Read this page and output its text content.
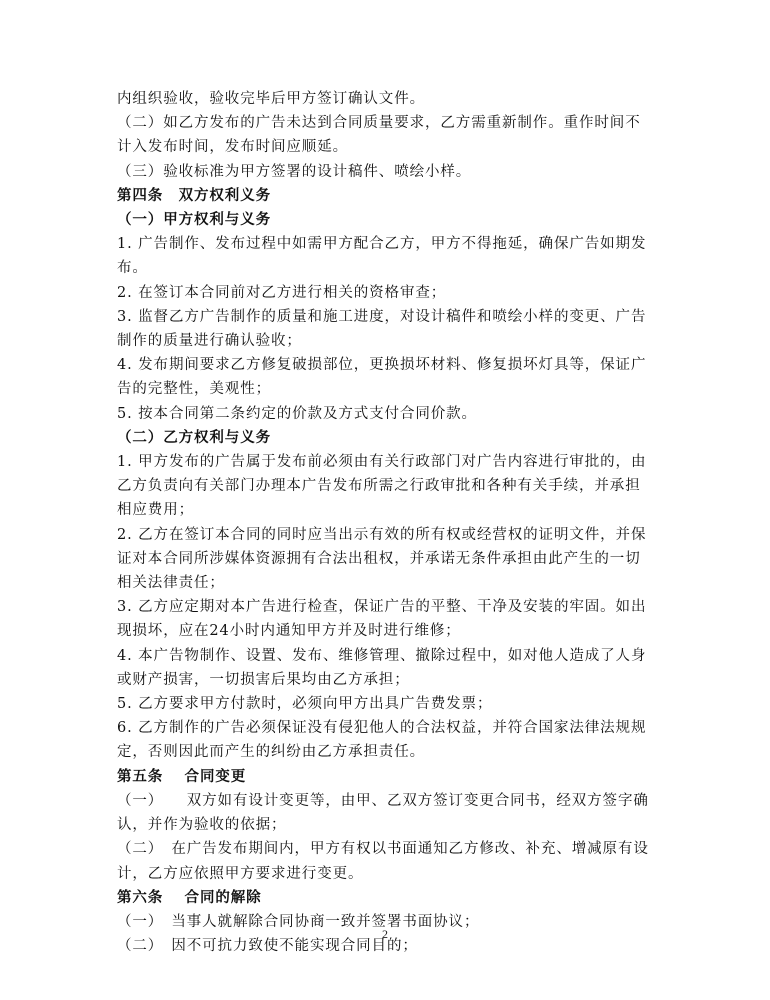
内组织验收，验收完毕后甲方签订确认文件。

（二）如乙方发布的广告未达到合同质量要求，乙方需重新制作。重作时间不

计入发布时间，发布时间应顺延。

（三）验收标准为甲方签署的设计稿件、喷绘小样。

第四条　双方权利义务

（一）甲方权利与义务

1. 广告制作、发布过程中如需甲方配合乙方，甲方不得拖延，确保广告如期发

布。

2. 在签订本合同前对乙方进行相关的资格审查；

3. 监督乙方广告制作的质量和施工进度，对设计稿件和喷绘小样的变更、广告

制作的质量进行确认验收；

4. 发布期间要求乙方修复破损部位，更换损坏材料、修复损坏灯具等，保证广

告的完整性，美观性；

5. 按本合同第二条约定的价款及方式支付合同价款。

（二）乙方权利与义务

1. 甲方发布的广告属于发布前必须由有关行政部门对广告内容进行审批的，由

乙方负责向有关部门办理本广告发布所需之行政审批和各种有关手续，并承担

相应费用；

2. 乙方在签订本合同的同时应当出示有效的所有权或经营权的证明文件，并保

证对本合同所涉媒体资源拥有合法出租权，并承诺无条件承担由此产生的一切

相关法律责任；

3. 乙方应定期对本广告进行检查，保证广告的平整、干净及安装的牢固。如出

现损坏，应在24小时内通知甲方并及时进行维修；

4. 本广告物制作、设置、发布、维修管理、撤除过程中，如对他人造成了人身

或财产损害，一切损害后果均由乙方承担；

5. 乙方要求甲方付款时，必须向甲方出具广告费发票；

6. 乙方制作的广告必须保证没有侵犯他人的合法权益，并符合国家法律法规规

定，否则因此而产生的纠纷由乙方承担责任。

第五条　 合同变更

（一）　　双方如有设计变更等，由甲、乙双方签订变更合同书，经双方签字确

认，并作为验收的依据；

（二）　在广告发布期间内，甲方有权以书面通知乙方修改、补充、增减原有设

计，乙方应依照甲方要求进行变更。

第六条　 合同的解除

（一）　当事人就解除合同协商一致并签署书面协议；

（二）　因不可抗力致使不能实现合同目的；

2
